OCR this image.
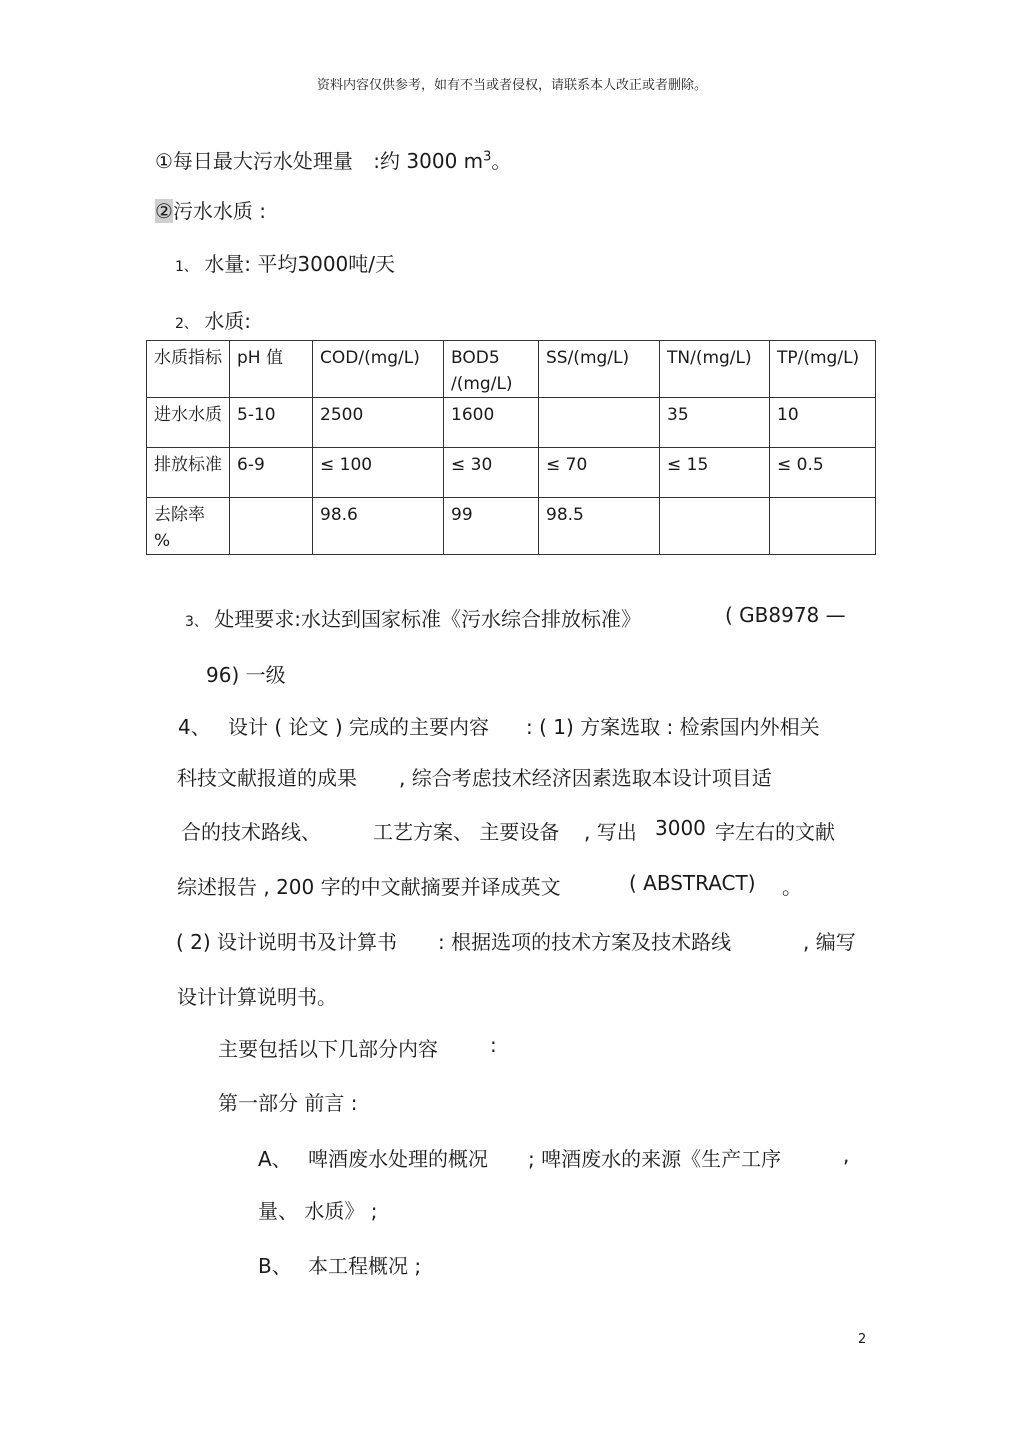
资料内容仅供参考，如有不当或者侵权，请联系本人改正或者删除。
①每日最大污水处理量 :约 3000 $m^3$。
②污水水质 :
1、 水量: 平均3000吨/天
2、 水质:
水质指标	pH 值	COD/(mg/L)	BOD5 /(mg/L)	SS/(mg/L)	TN/(mg/L)	TP/(mg/L)
进水水质	5-10	2500	1600		35	10
排放标准	6-9	≤ 100	≤ 30	≤ 70	≤ 15	≤ 0.5
去除率 %		98.6	99	98.5		
3、 处理要求:水达到国家标准《污水综合排放标准》	( GB8978 —
96) 一级
4、 设计 ( 论文 ) 完成的主要内容 : ( 1) 方案选取 : 检索国内外相关
科技文献报道的成果 , 综合考虑技术经济因素选取本设计项目适
合的技术路线、	工艺方案、 主要设备 , 写出 3000 字左右的文献
综述报告 , 200 字的中文献摘要并译成英文	( ABSTRACT) 。
( 2) 设计说明书及计算书 : 根据选项的技术方案及技术路线	, 编写
设计计算说明书。
主要包括以下几部分内容	:
第一部分 前言 :
A、 啤酒废水处理的概况 ; 啤酒废水的来源《生产工序	,
量、 水质》 ;
B、 本工程概况 ;
2
